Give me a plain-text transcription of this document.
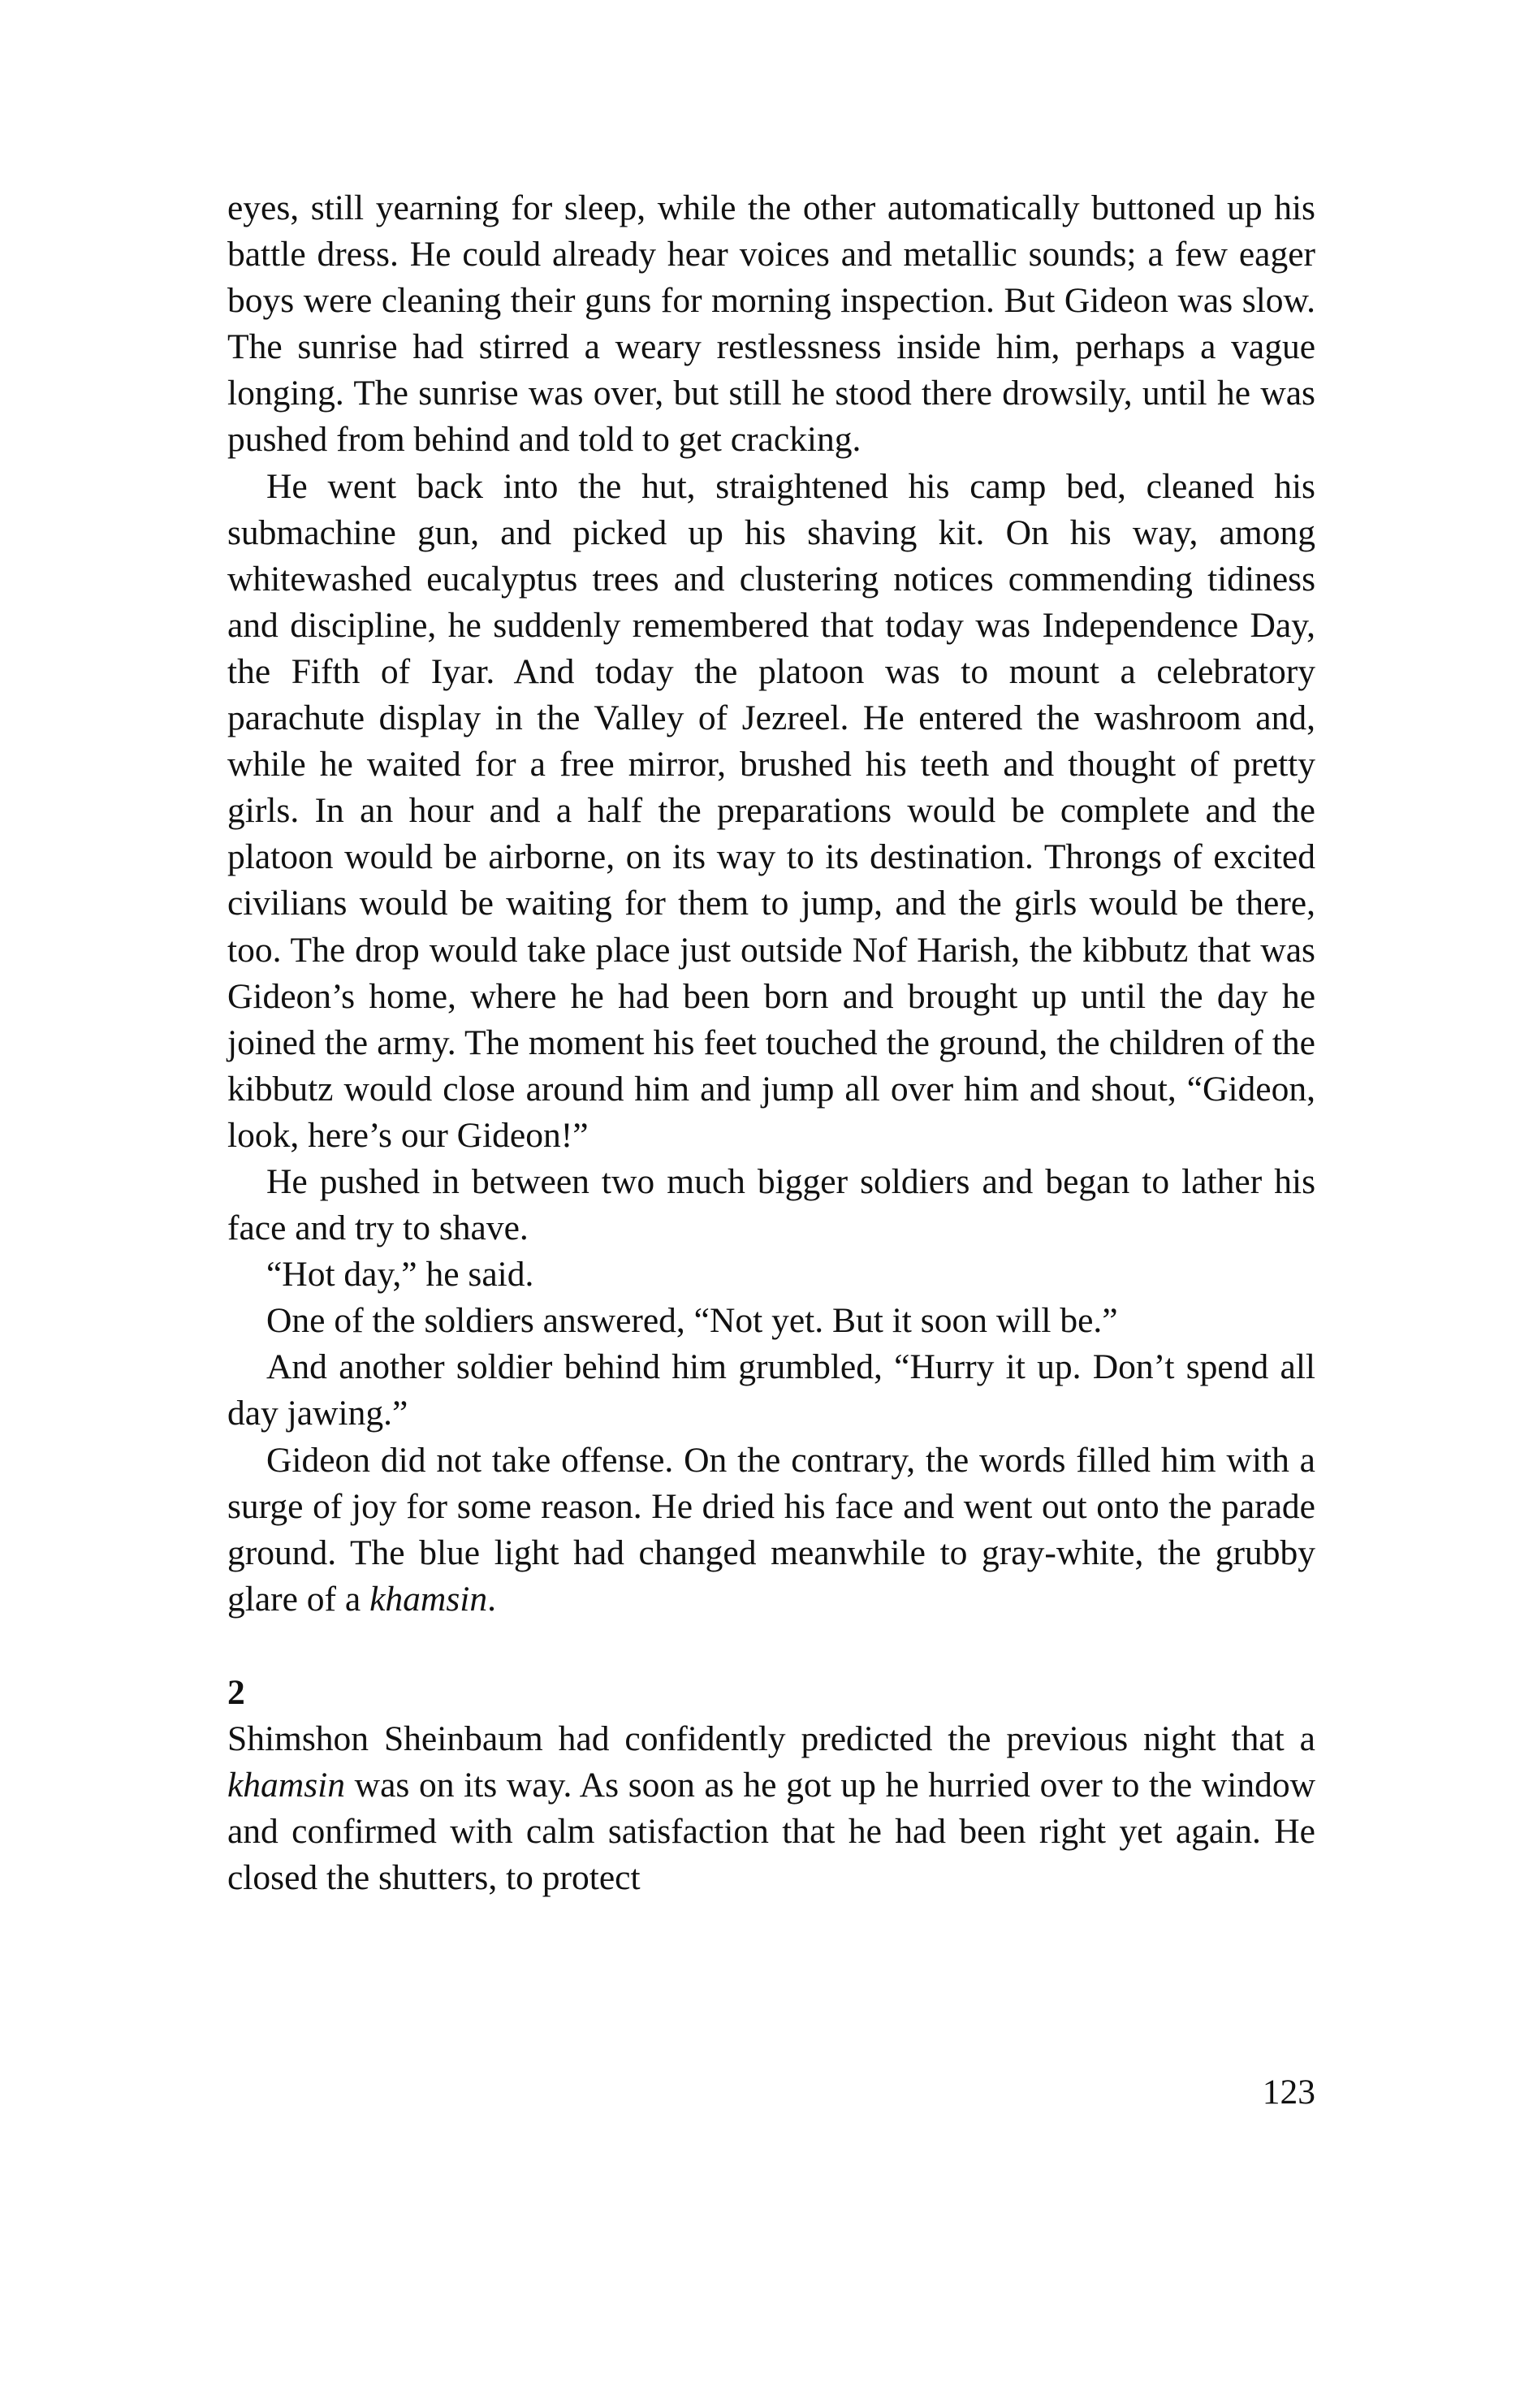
eyes, still yearning for sleep, while the other automatically buttoned up his battle dress. He could already hear voices and metallic sounds; a few eager boys were cleaning their guns for morning inspection. But Gideon was slow. The sunrise had stirred a weary restlessness inside him, perhaps a vague longing. The sunrise was over, but still he stood there drowsily, until he was pushed from behind and told to get cracking.

He went back into the hut, straightened his camp bed, cleaned his submachine gun, and picked up his shaving kit. On his way, among whitewashed eucalyptus trees and clustering notices commending tidiness and discipline, he suddenly remembered that today was Independence Day, the Fifth of Iyar. And today the platoon was to mount a celebratory parachute display in the Valley of Jezreel. He entered the washroom and, while he waited for a free mirror, brushed his teeth and thought of pretty girls. In an hour and a half the preparations would be complete and the platoon would be airborne, on its way to its destination. Throngs of excited civilians would be waiting for them to jump, and the girls would be there, too. The drop would take place just outside Nof Harish, the kibbutz that was Gideon’s home, where he had been born and brought up until the day he joined the army. The moment his feet touched the ground, the children of the kibbutz would close around him and jump all over him and shout, “Gideon, look, here’s our Gideon!”

He pushed in between two much bigger soldiers and began to lather his face and try to shave.

“Hot day,” he said.

One of the soldiers answered, “Not yet. But it soon will be.”

And another soldier behind him grumbled, “Hurry it up. Don’t spend all day jawing.”

Gideon did not take offense. On the contrary, the words filled him with a surge of joy for some reason. He dried his face and went out onto the parade ground. The blue light had changed meanwhile to gray-white, the grubby glare of a khamsin.

2

Shimshon Sheinbaum had confidently predicted the previous night that a khamsin was on its way. As soon as he got up he hurried over to the window and confirmed with calm satisfaction that he had been right yet again. He closed the shutters, to protect

123
